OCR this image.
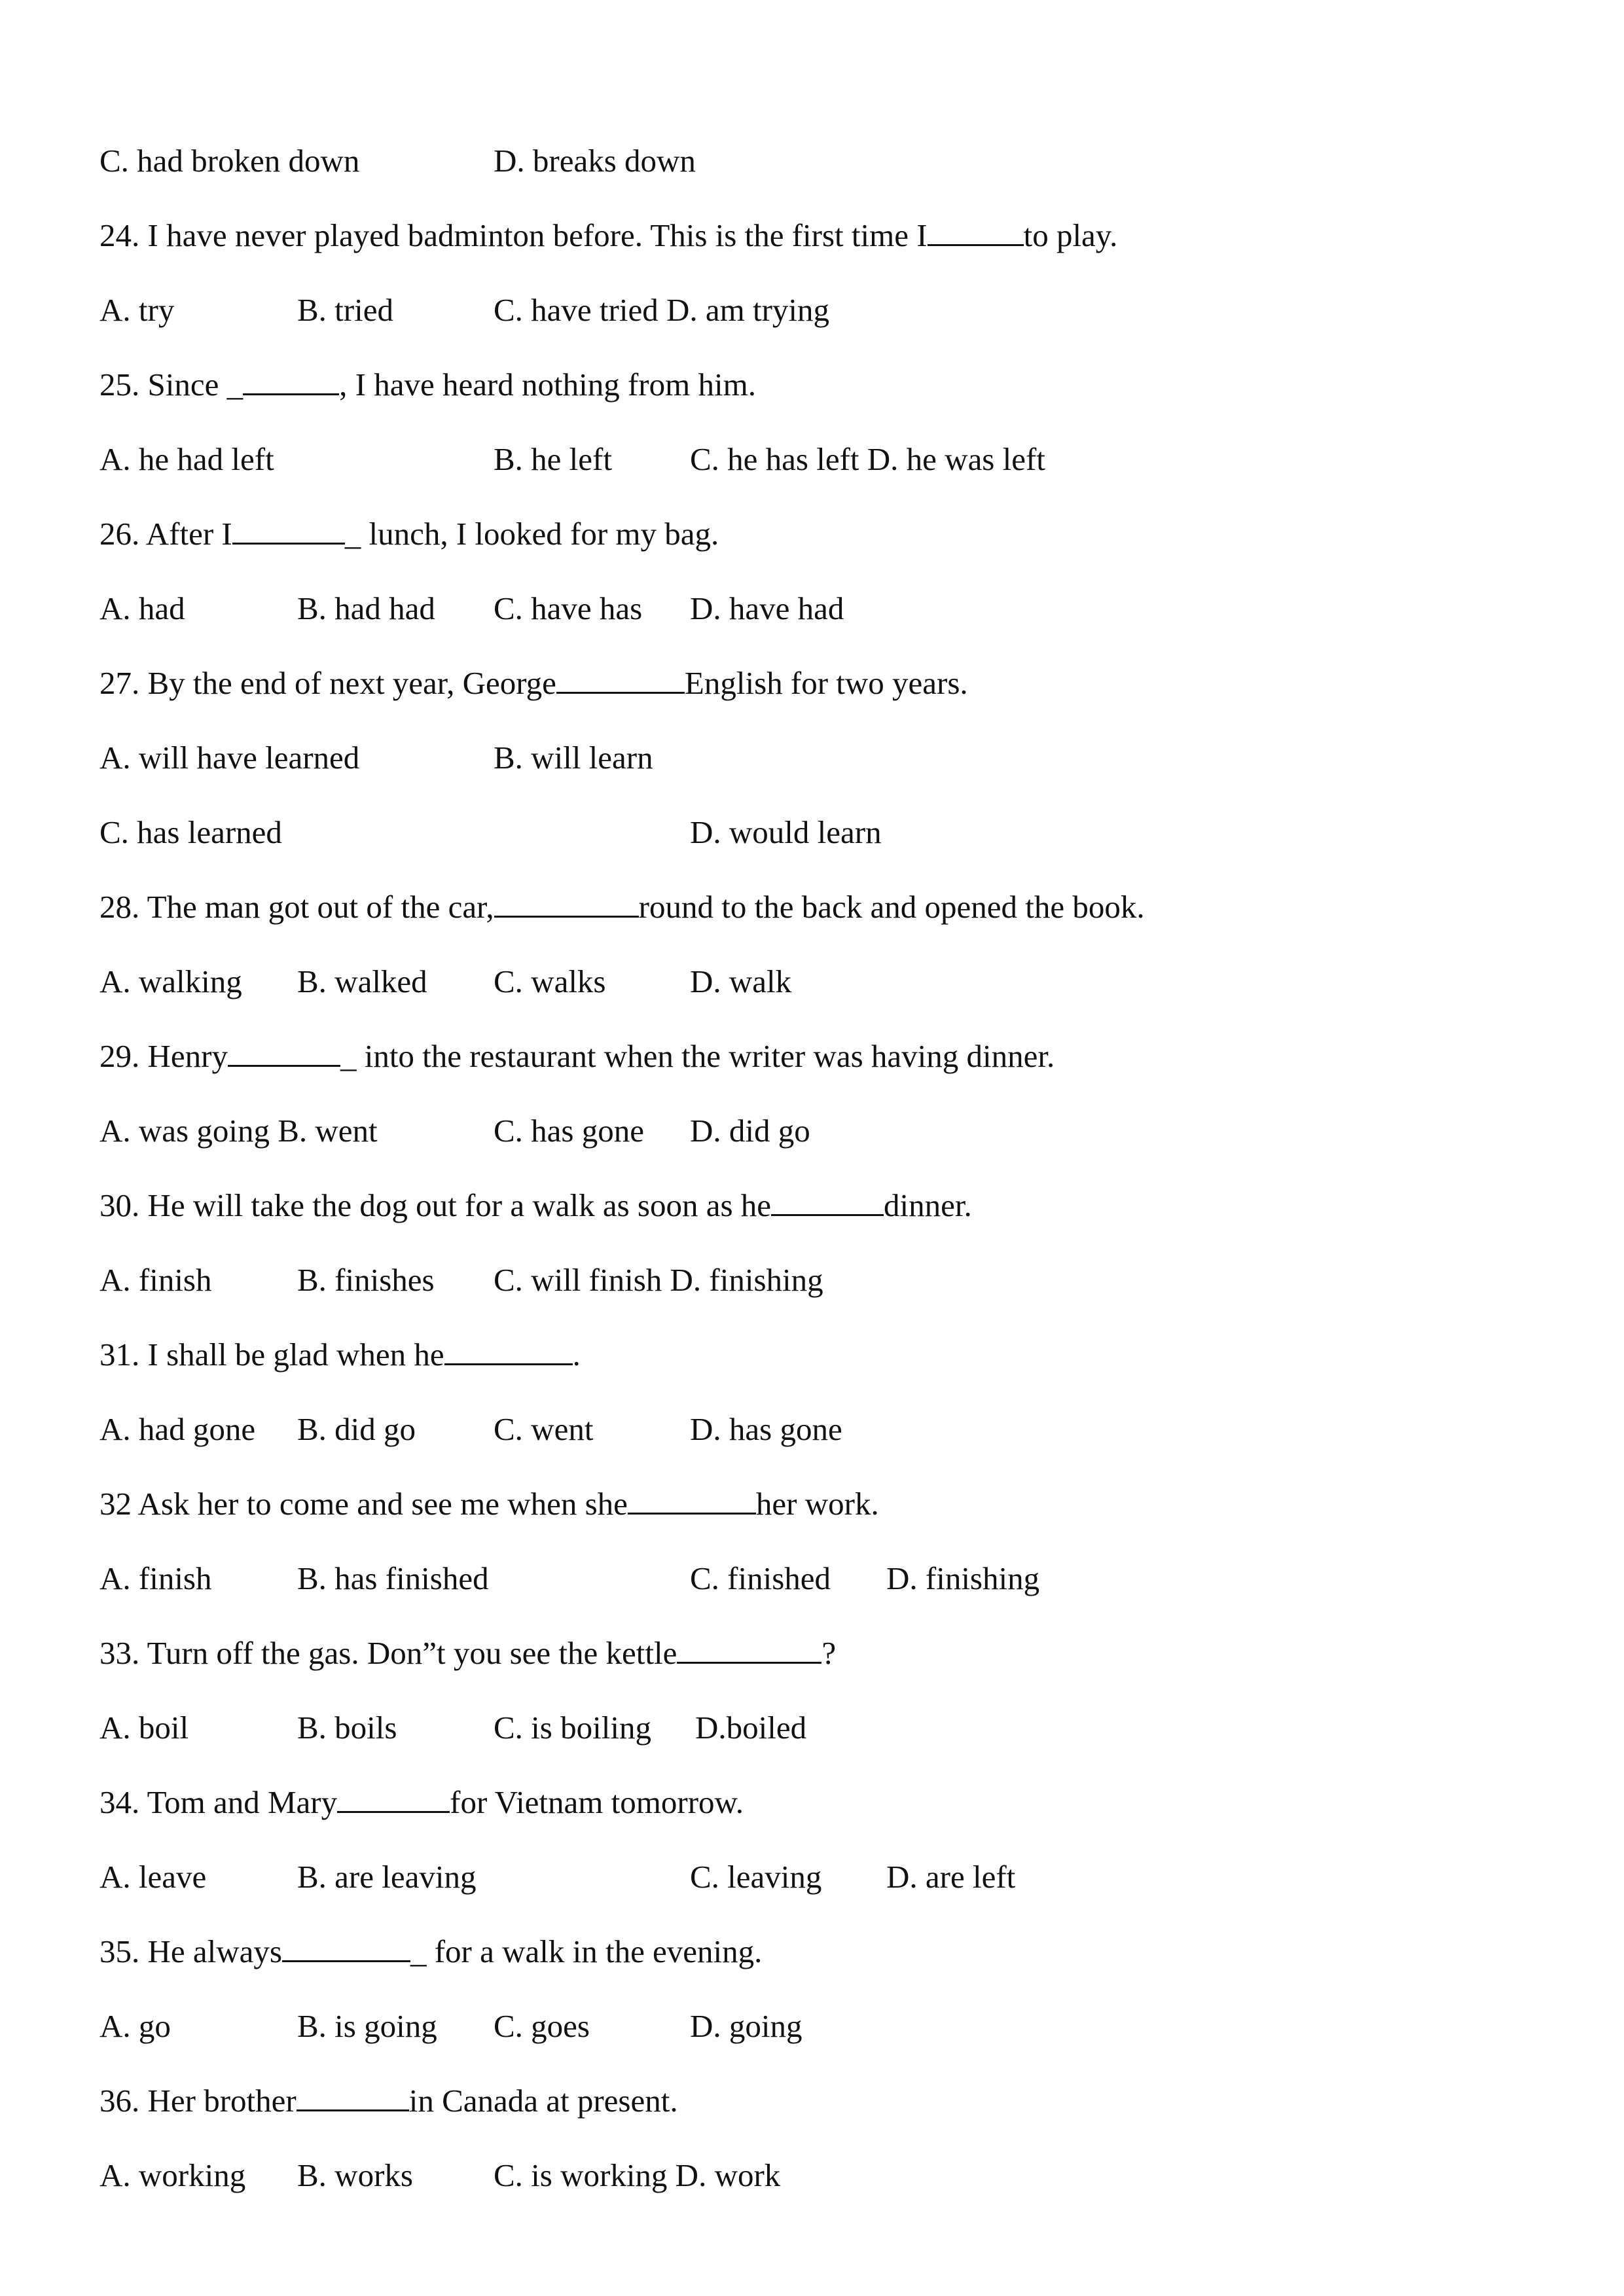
C. had broken down	D. breaks down
24. I have never played badminton before. This is the first time I	to play.
A. try	B. tried	C. have tried D. am trying
25. Since _	, I have heard nothing from him.
A. he had left	B. he left C. he has left D. he was left
26. After I	_ lunch, I looked for my bag.
A. had	B. had had C. have has D. have had
27. By the end of next year, George	English for two years.
A. will have learned	B. will learn
C. has learned	D. would learn
28. The man got out of the car,	round to the back and opened the book.
A. walking B. walked C. walks	D. walk
29. Henry	_ into the restaurant when the writer was having dinner.
A. was going B. went	C. has gone D. did go
30. He will take the dog out for a walk as soon as he	dinner.
A. finish	B. finishes C. will finish D. finishing
31. I shall be glad when he	.
A. had gone B. did go C. went	D. has gone
32 Ask her to come and see me when she	her work.
A. finish	B. has finished	C. finished D. finishing
33. Turn off the gas. Don”t you see the kettle	?
A. boil	B. boils	C. is boiling D.boiled
34. Tom and Mary	for Vietnam tomorrow.
A. leave	B. are leaving	C. leaving D. are left
35. He always	_ for a walk in the evening.
A. go	B. is going C. goes	D. going
36. Her brother	in Canada at present.
A. working B. works	C. is working D. work
